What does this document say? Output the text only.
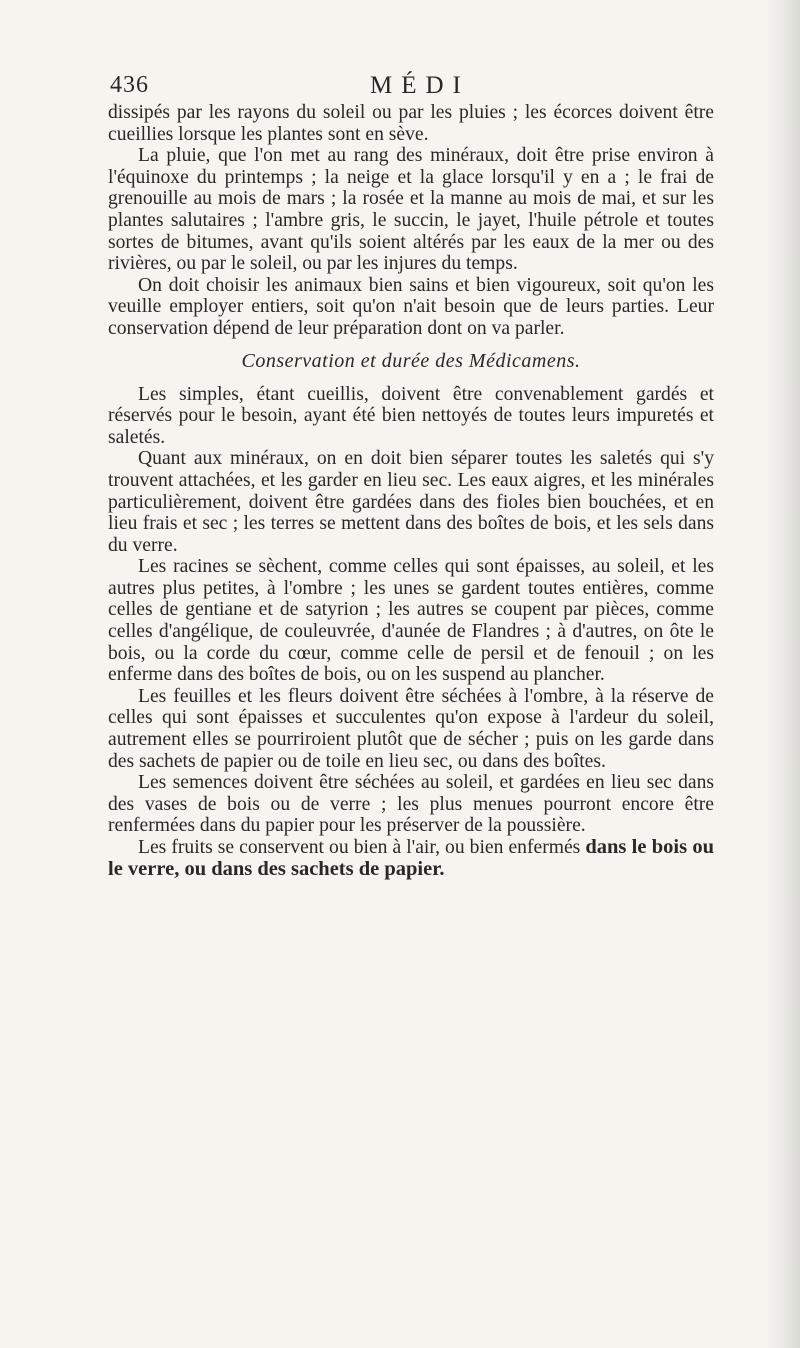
436	MÉDI

dissipés par les rayons du soleil ou par les pluies ; les écorces doivent être cueillies lorsque les plantes sont en sève.

La pluie, que l'on met au rang des minéraux, doit être prise environ à l'équinoxe du printemps ; la neige et la glace lorsqu'il y en a ; le frai de grenouille au mois de mars ; la rosée et la manne au mois de mai, et sur les plantes salutaires ; l'ambre gris, le succin, le jayet, l'huile pétrole et toutes sortes de bitumes, avant qu'ils soient altérés par les eaux de la mer ou des rivières, ou par le soleil, ou par les injures du temps.

On doit choisir les animaux bien sains et bien vigoureux, soit qu'on les veuille employer entiers, soit qu'on n'ait besoin que de leurs parties. Leur conservation dépend de leur préparation dont on va parler.

Conservation et durée des Médicamens.

Les simples, étant cueillis, doivent être convenablement gardés et réservés pour le besoin, ayant été bien nettoyés de toutes leurs impuretés et saletés.

Quant aux minéraux, on en doit bien séparer toutes les saletés qui s'y trouvent attachées, et les garder en lieu sec. Les eaux aigres, et les minérales particulièrement, doivent être gardées dans des fioles bien bouchées, et en lieu frais et sec ; les terres se mettent dans des boîtes de bois, et les sels dans du verre.

Les racines se sèchent, comme celles qui sont épaisses, au soleil, et les autres plus petites, à l'ombre ; les unes se gardent toutes entières, comme celles de gentiane et de satyrion ; les autres se coupent par pièces, comme celles d'angélique, de couleuvrée, d'aunée de Flandres ; à d'autres, on ôte le bois, ou la corde du cœur, comme celle de persil et de fenouil ; on les enferme dans des boîtes de bois, ou on les suspend au plancher.

Les feuilles et les fleurs doivent être séchées à l'ombre, à la réserve de celles qui sont épaisses et succulentes qu'on expose à l'ardeur du soleil, autrement elles se pourriroient plutôt que de sécher ; puis on les garde dans des sachets de papier ou de toile en lieu sec, ou dans des boîtes.

Les semences doivent être séchées au soleil, et gardées en lieu sec dans des vases de bois ou de verre ; les plus menues pourront encore être renfermées dans du papier pour les préserver de la poussière.

Les fruits se conservent ou bien à l'air, ou bien enfermés dans le bois ou le verre, ou dans des sachets de papier.
